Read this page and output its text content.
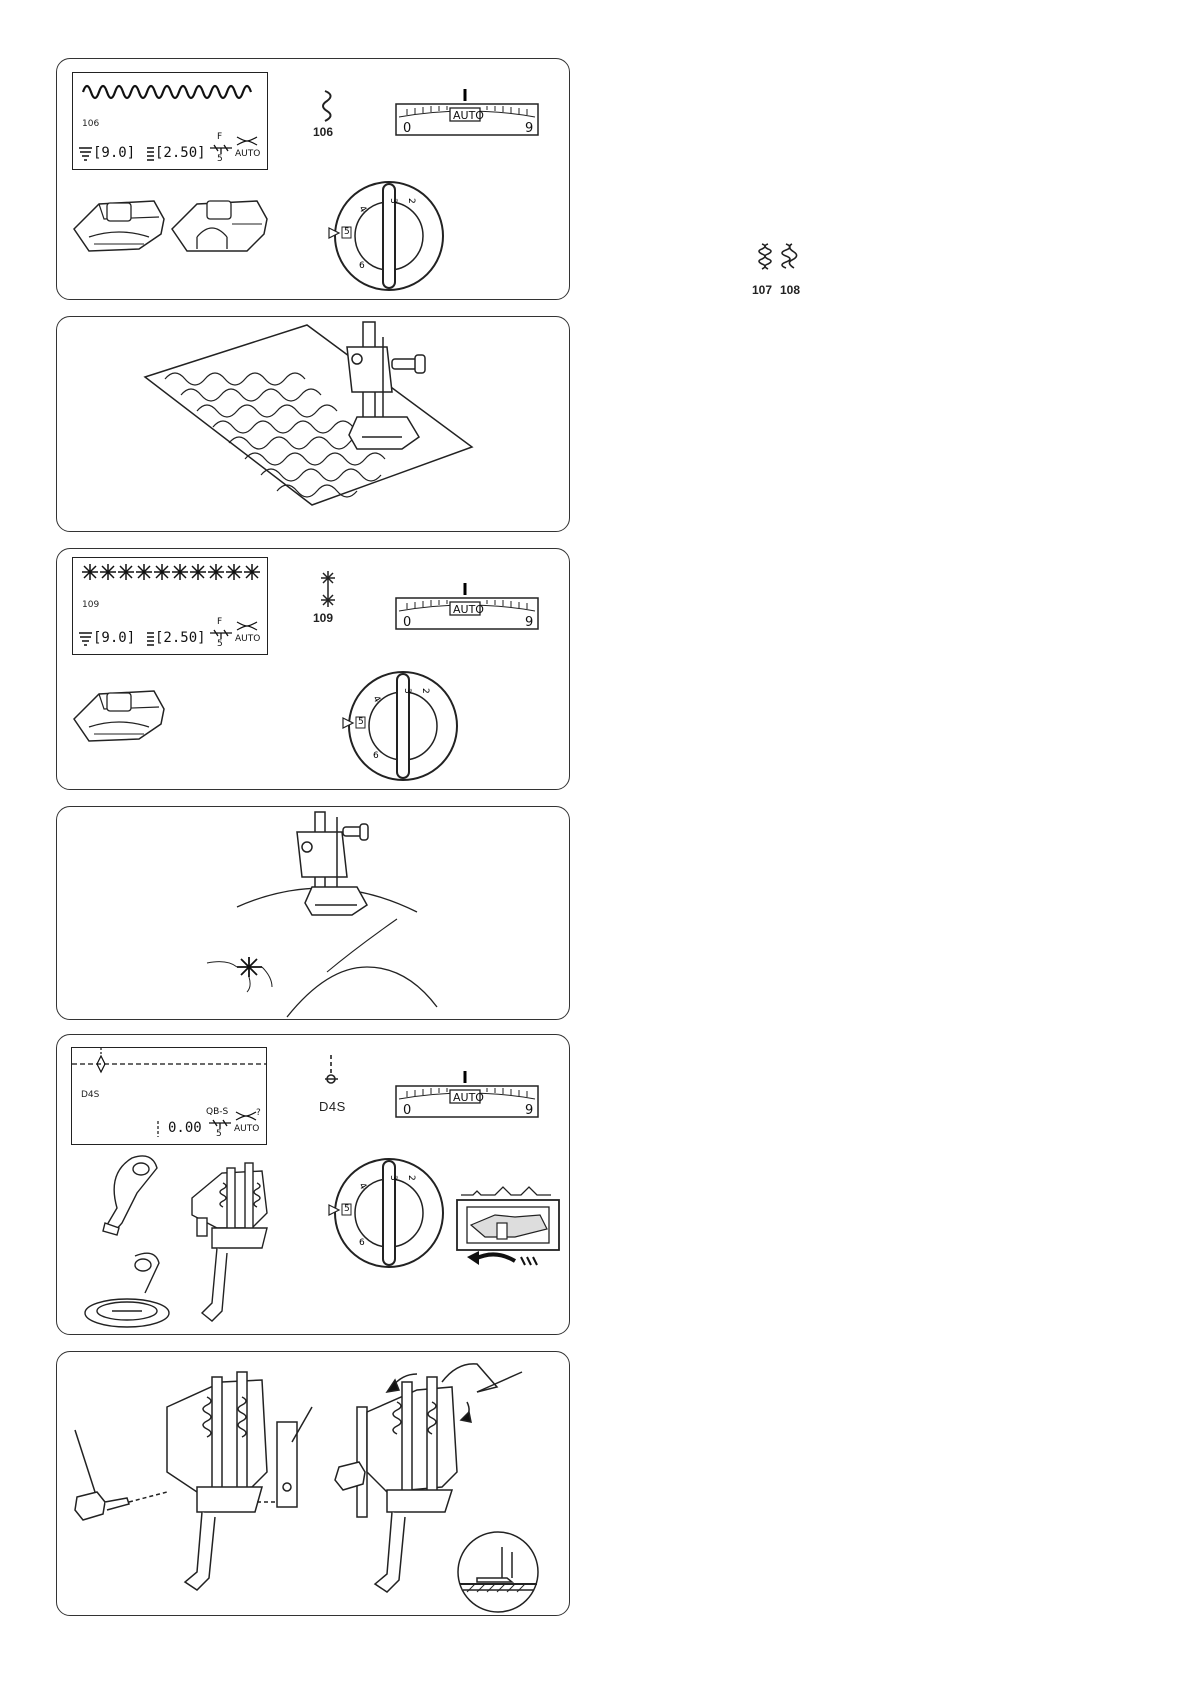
106
[9.0] [2.50]
F
5 AUTO
106
AUTO
0	9
3 2
4
6
5
107 108
109
[9.0] [2.50]
F
5 AUTO
109
AUTO
0	9
3 2
4
6
5
D4S
?
0.00
QB-S
5 AUTO
D4S
AUTO
0	9
3 2
4
6
5
